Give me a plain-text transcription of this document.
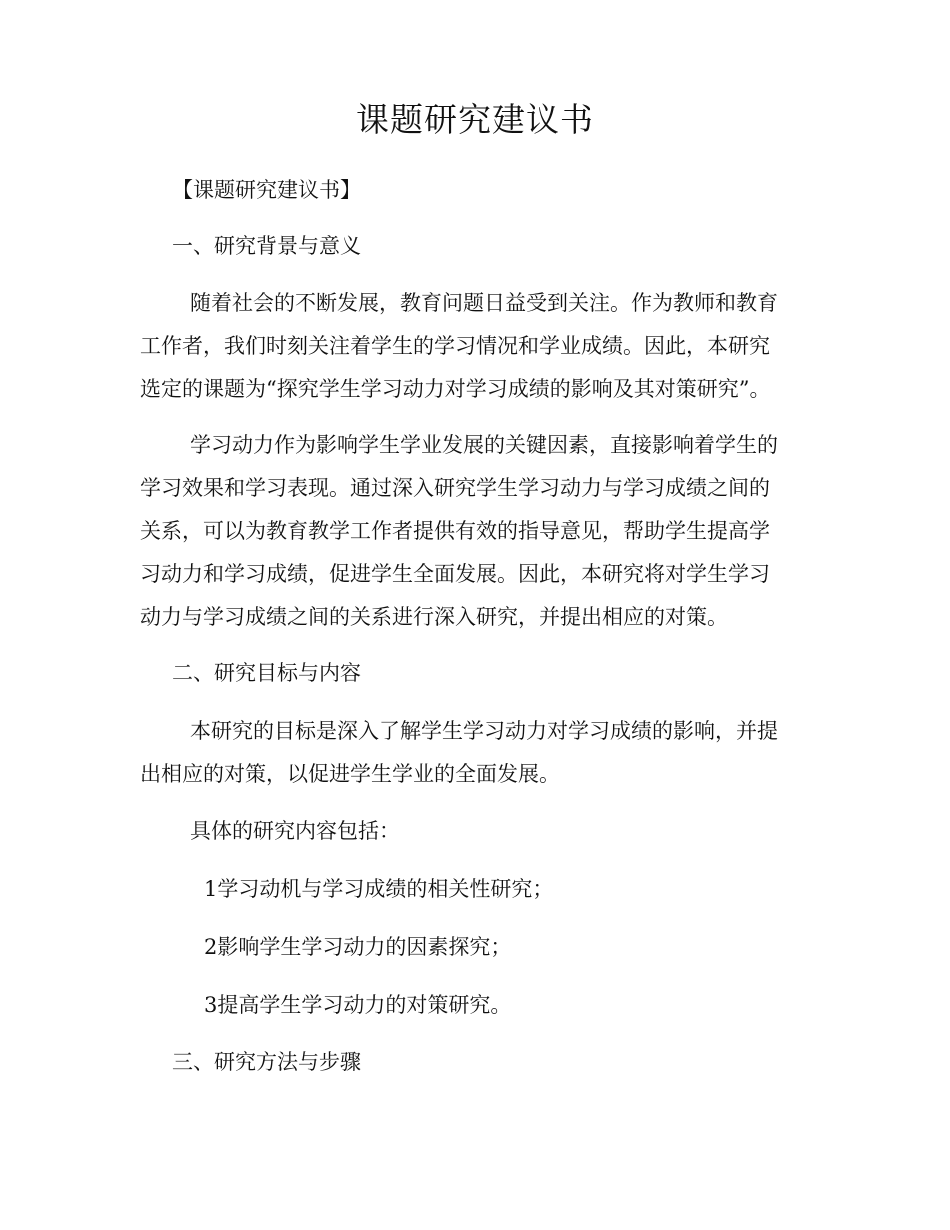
课题研究建议书
【课题研究建议书】
一、研究背景与意义
随着社会的不断发展，教育问题日益受到关注。作为教师和教育
工作者，我们时刻关注着学生的学习情况和学业成绩。因此，本研究
选定的课题为“探究学生学习动力对学习成绩的影响及其对策研究”。
学习动力作为影响学生学业发展的关键因素，直接影响着学生的
学习效果和学习表现。通过深入研究学生学习动力与学习成绩之间的
关系，可以为教育教学工作者提供有效的指导意见，帮助学生提高学
习动力和学习成绩，促进学生全面发展。因此，本研究将对学生学习
动力与学习成绩之间的关系进行深入研究，并提出相应的对策。
二、研究目标与内容
本研究的目标是深入了解学生学习动力对学习成绩的影响，并提
出相应的对策，以促进学生学业的全面发展。
具体的研究内容包括：
1学习动机与学习成绩的相关性研究；
2影响学生学习动力的因素探究；
3提高学生学习动力的对策研究。
三、研究方法与步骤
